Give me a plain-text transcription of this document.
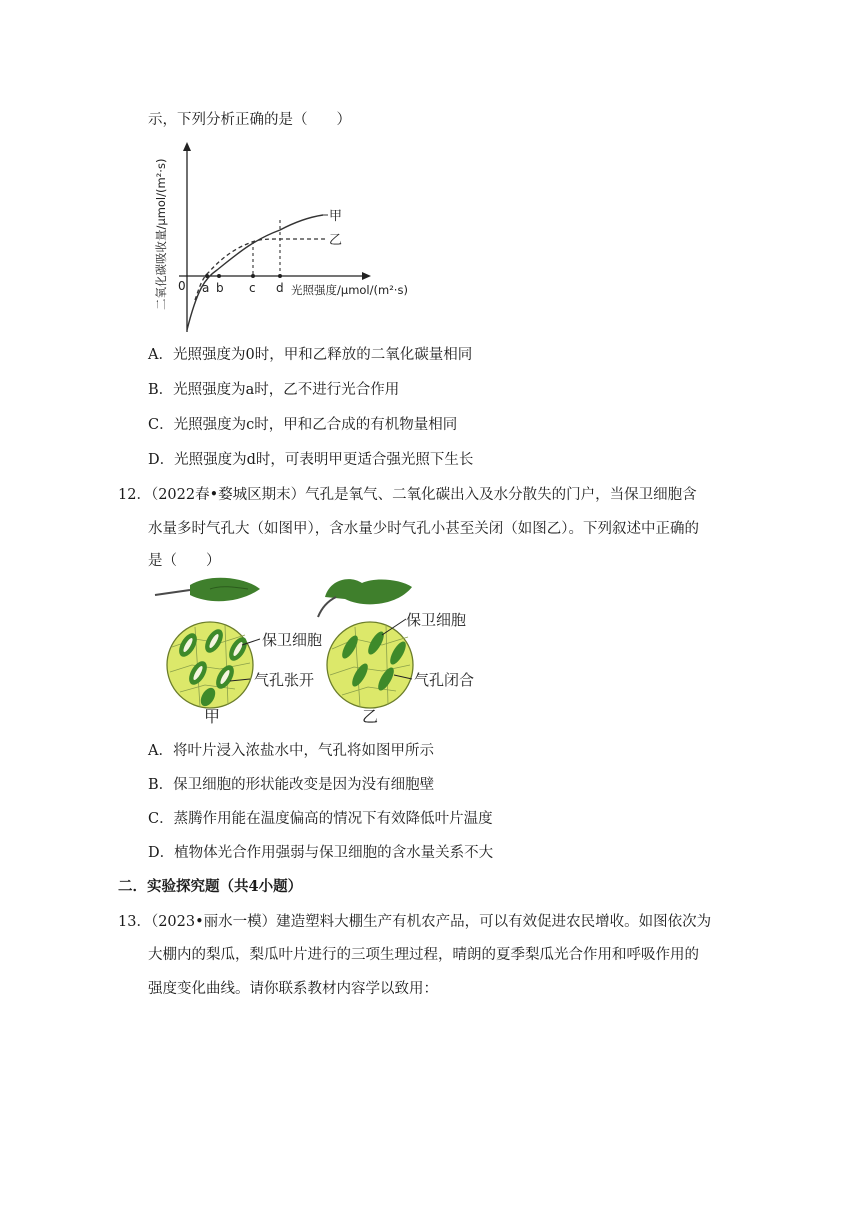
示，下列分析正确的是（　　）
二氧化碳吸收量/μmol/(m²·s) 0 a b c d 光照强度/μmol/(m²·s)
甲
乙
A．光照强度为0时，甲和乙释放的二氧化碳量相同
B．光照强度为a时，乙不进行光合作用
C．光照强度为c时，甲和乙合成的有机物量相同
D．光照强度为d时，可表明甲更适合强光照下生长
12．（2022春•婺城区期末）气孔是氧气、二氧化碳出入及水分散失的门户，当保卫细胞含
水量多时气孔大（如图甲），含水量少时气孔小甚至关闭（如图乙）。下列叙述中正确的
是（　　）
保卫细胞
气孔张开
甲
保卫细胞
气孔闭合
乙
A．将叶片浸入浓盐水中，气孔将如图甲所示
B．保卫细胞的形状能改变是因为没有细胞壁
C．蒸腾作用能在温度偏高的情况下有效降低叶片温度
D．植物体光合作用强弱与保卫细胞的含水量关系不大
二．实验探究题（共4小题）
13．（2023•丽水一模）建造塑料大棚生产有机农产品，可以有效促进农民增收。如图依次为
大棚内的梨瓜，梨瓜叶片进行的三项生理过程，晴朗的夏季梨瓜光合作用和呼吸作用的
强度变化曲线。请你联系教材内容学以致用：
